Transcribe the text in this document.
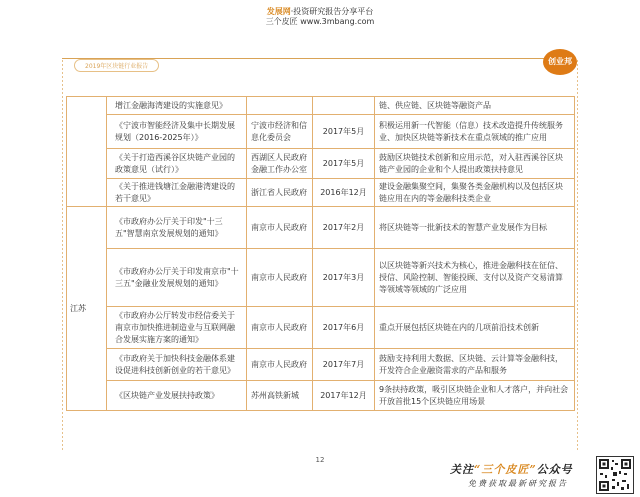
发展网·投资研究报告分享平台
三个皮匠 www.3mbang.com
2019年区块链行业报告
创业邦
	增江金融海湾建设的实施意见》			链、供应链、区块链等融资产品
	《宁波市智能经济及集中长期发展规划（2016-2025年）》	宁波市经济和信息化委员会	2017年5月	积极运用新一代智能（信息）技术改造提升传统服务业、加快区块链等新技术在重点领域的推广应用
	《关于打造西溪谷区块链产业园的政策意见（试行）》	西湖区人民政府金融工作办公室	2017年5月	鼓励区块链技术创新和应用示范，对入驻西溪谷区块链产业园的企业和个人提出政策扶持意见
	《关于推进钱塘江金融港湾建设的若干意见》	浙江省人民政府	2016年12月	建设金融集聚空间，集聚各类金融机构以及包括区块链应用在内的等金融科技类企业
江苏	《市政府办公厅关于印发"十三五"智慧南京发展规划的通知》	南京市人民政府	2017年2月	将区块链等一批新技术的智慧产业发展作为目标
	《市政府办公厅关于印发南京市"十三五"金融业发展规划的通知》	南京市人民政府	2017年3月	以区块链等新兴技术为核心，推进金融科技在征信、授信、风险控制、智能投顾、支付以及资产交易清算等领域等领域的广泛应用
	《市政府办公厅转发市经信委关于南京市加快推进制造业与互联网融合发展实施方案的通知》	南京市人民政府	2017年6月	重点开展包括区块链在内的几项前沿技术创新
	《市政府关于加快科技金融体系建设促进科技创新创业的若干意见》	南京市人民政府	2017年7月	鼓励支持利用大数据、区块链、云计算等金融科技，开发符合企业融资需求的产品和服务
	《区块链产业发展扶持政策》	苏州高铁新城	2017年12月	9条扶持政策，吸引区块链企业和人才落户，并向社会开放首批15个区块链应用场景
12
关注“三个皮匠”公众号
免费获取最新研究报告
